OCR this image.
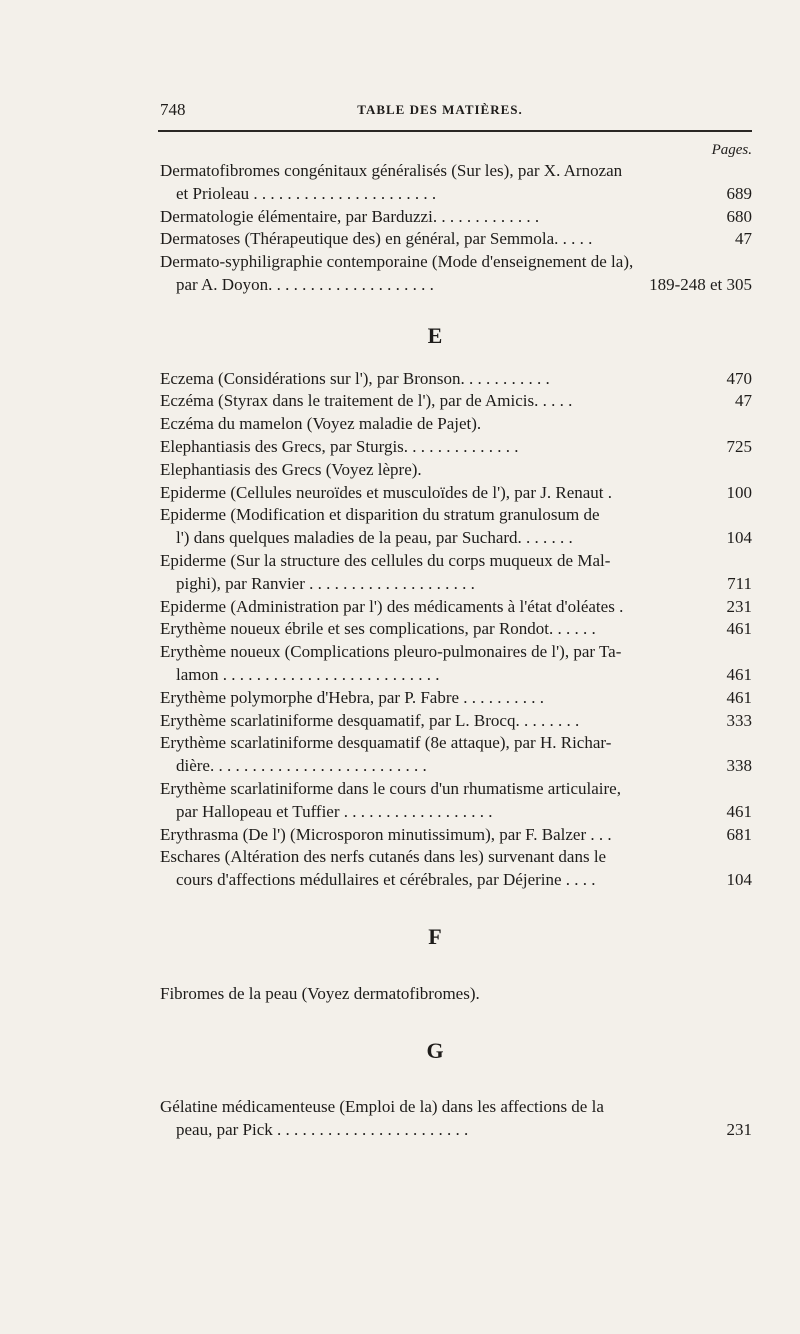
748	TABLE DES MATIÈRES.
Pages.
Dermatofibromes congénitaux généralisés (Sur les), par X. Arnozan
et Prioleau . . . . . . . . . . . . . . . . . . . . . .	689
Dermatologie élémentaire, par Barduzzi. . . . . . . . . . . . .	680
Dermatoses (Thérapeutique des) en général, par Semmola. . . . .	47
Dermato-syphiligraphie contemporaine (Mode d'enseignement de la),
par A. Doyon. . . . . . . . . . . . . . . . . . . .	189-248 et 305
E
Eczema (Considérations sur l'), par Bronson. . . . . . . . . . .	470
Eczéma (Styrax dans le traitement de l'), par de Amicis. . . . .	47
Eczéma du mamelon (Voyez maladie de Pajet).
Elephantiasis des Grecs, par Sturgis. . . . . . . . . . . . . .	725
Elephantiasis des Grecs (Voyez lèpre).
Epiderme (Cellules neuroïdes et musculoïdes de l'), par J. Renaut .	100
Epiderme (Modification et disparition du stratum granulosum de
l') dans quelques maladies de la peau, par Suchard. . . . . . .	104
Epiderme (Sur la structure des cellules du corps muqueux de Mal-
pighi), par Ranvier . . . . . . . . . . . . . . . . . . . .	711
Epiderme (Administration par l') des médicaments à l'état d'oléates .	231
Erythème noueux ébrile et ses complications, par Rondot. . . . . .	461
Erythème noueux (Complications pleuro-pulmonaires de l'), par Ta-
lamon . . . . . . . . . . . . . . . . . . . . . . . . . .	461
Erythème polymorphe d'Hebra, par P. Fabre . . . . . . . . . .	461
Erythème scarlatiniforme desquamatif, par L. Brocq. . . . . . . .	333
Erythème scarlatiniforme desquamatif (8e attaque), par H. Richar-
dière. . . . . . . . . . . . . . . . . . . . . . . . . .	338
Erythème scarlatiniforme dans le cours d'un rhumatisme articulaire,
par Hallopeau et Tuffier . . . . . . . . . . . . . . . . . .	461
Erythrasma (De l') (Microsporon minutissimum), par F. Balzer . . .	681
Eschares (Altération des nerfs cutanés dans les) survenant dans le
cours d'affections médullaires et cérébrales, par Déjerine . . . .	104
F
Fibromes de la peau (Voyez dermatofibromes).
G
Gélatine médicamenteuse (Emploi de la) dans les affections de la
peau, par Pick . . . . . . . . . . . . . . . . . . . . . . .	231
